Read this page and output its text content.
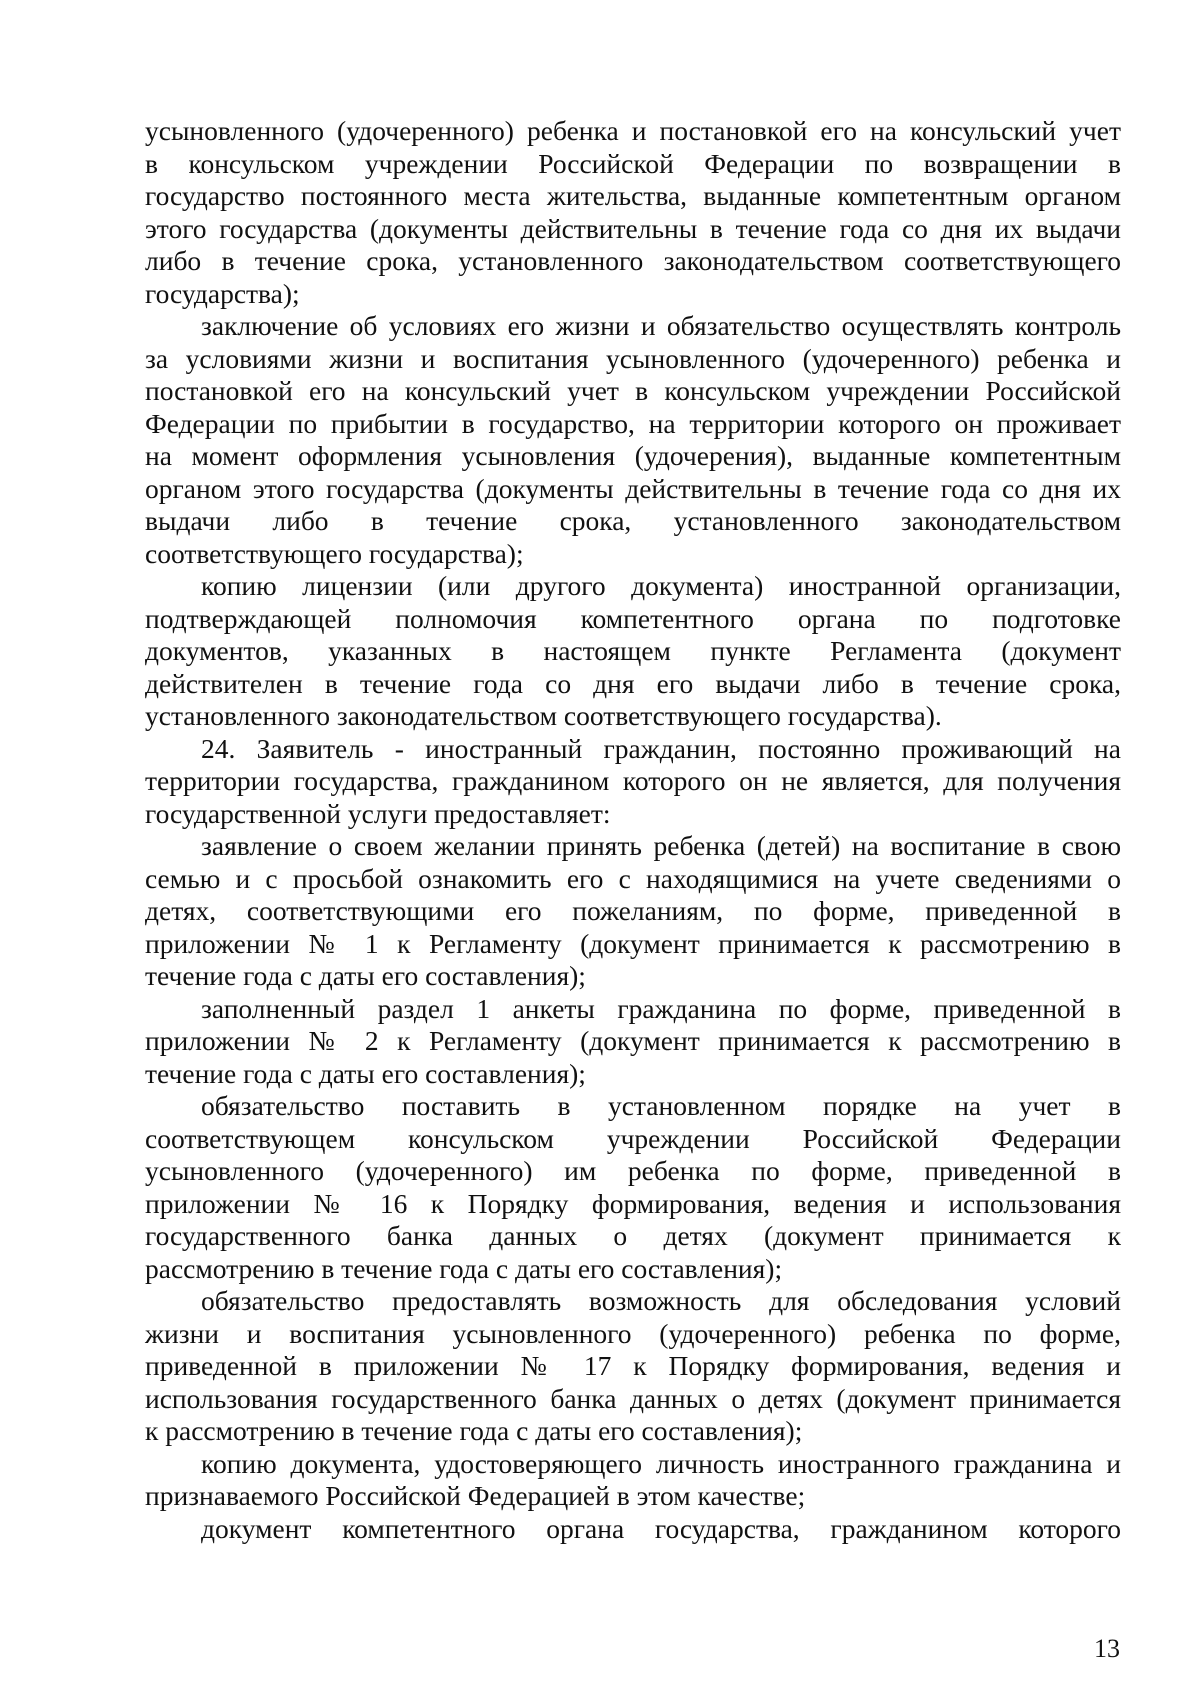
усыновленного (удочеренного) ребенка и постановкой его на консульский учет
в консульском учреждении Российской Федерации по возвращении в
государство постоянного места жительства, выданные компетентным органом
этого государства (документы действительны в течение года со дня их выдачи
либо в течение срока, установленного законодательством соответствующего
государства);
заключение об условиях его жизни и обязательство осуществлять контроль
за условиями жизни и воспитания усыновленного (удочеренного) ребенка и
постановкой его на консульский учет в консульском учреждении Российской
Федерации по прибытии в государство, на территории которого он проживает
на момент оформления усыновления (удочерения), выданные компетентным
органом этого государства (документы действительны в течение года со дня их
выдачи либо в течение срока, установленного законодательством
соответствующего государства);
копию лицензии (или другого документа) иностранной организации,
подтверждающей полномочия компетентного органа по подготовке
документов, указанных в настоящем пункте Регламента (документ
действителен в течение года со дня его выдачи либо в течение срока,
установленного законодательством соответствующего государства).
24. Заявитель - иностранный гражданин, постоянно проживающий на
территории государства, гражданином которого он не является, для получения
государственной услуги предоставляет:
заявление о своем желании принять ребенка (детей) на воспитание в свою
семью и с просьбой ознакомить его с находящимися на учете сведениями о
детях, соответствующими его пожеланиям, по форме, приведенной в
приложении № 1 к Регламенту (документ принимается к рассмотрению в
течение года с даты его составления);
заполненный раздел 1 анкеты гражданина по форме, приведенной в
приложении № 2 к Регламенту (документ принимается к рассмотрению в
течение года с даты его составления);
обязательство поставить в установленном порядке на учет в
соответствующем консульском учреждении Российской Федерации
усыновленного (удочеренного) им ребенка по форме, приведенной в
приложении № 16 к Порядку формирования, ведения и использования
государственного банка данных о детях (документ принимается к
рассмотрению в течение года с даты его составления);
обязательство предоставлять возможность для обследования условий
жизни и воспитания усыновленного (удочеренного) ребенка по форме,
приведенной в приложении № 17 к Порядку формирования, ведения и
использования государственного банка данных о детях (документ принимается
к рассмотрению в течение года с даты его составления);
копию документа, удостоверяющего личность иностранного гражданина и
признаваемого Российской Федерацией в этом качестве;
документ компетентного органа государства, гражданином которого
13
